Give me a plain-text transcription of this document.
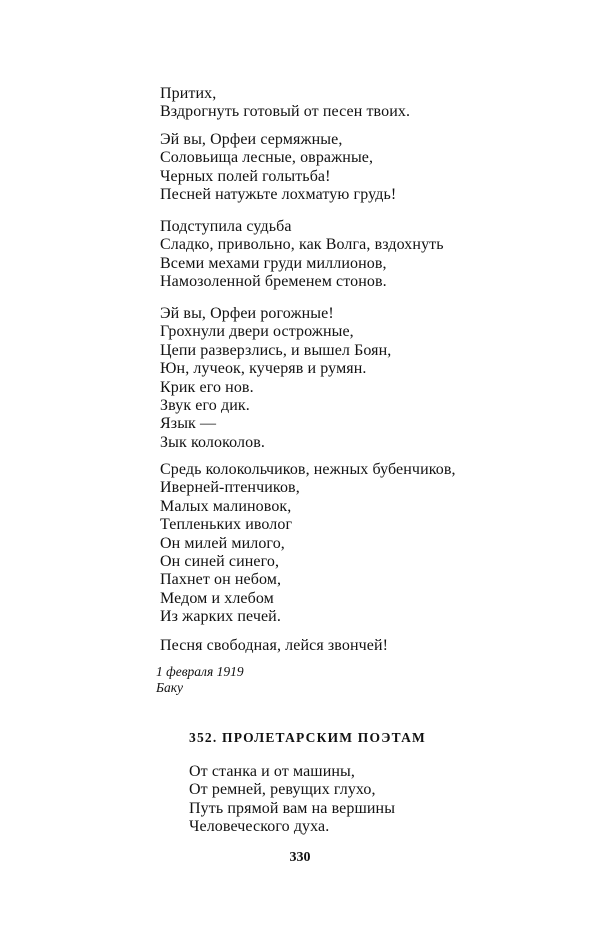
Притих,
Вздрогнуть готовый от песен твоих.
Эй вы, Орфеи сермяжные,
Соловьища лесные, овражные,
Черных полей голытьба!
Песней натужьте лохматую грудь!
Подступила судьба
Сладко, привольно, как Волга, вздохнуть
Всеми мехами груди миллионов,
Намозоленной бременем стонов.
Эй вы, Орфеи рогожные!
Грохнули двери острожные,
Цепи разверзлись, и вышел Боян,
Юн, лучеок, кучеряв и румян.
Крик его нов.
Звук его дик.
Язык —
Зык колоколов.
Средь колокольчиков, нежных бубенчиков,
Иверней-птенчиков,
Малых малиновок,
Тепленьких иволог
Он милей милого,
Он синей синего,
Пахнет он небом,
Медом и хлебом
Из жарких печей.
Песня свободная, лейся звончей!
1 февраля 1919
Баку
352. ПРОЛЕТАРСКИМ ПОЭТАМ
От станка и от машины,
От ремней, ревущих глухо,
Путь прямой вам на вершины
Человеческого духа.
330
